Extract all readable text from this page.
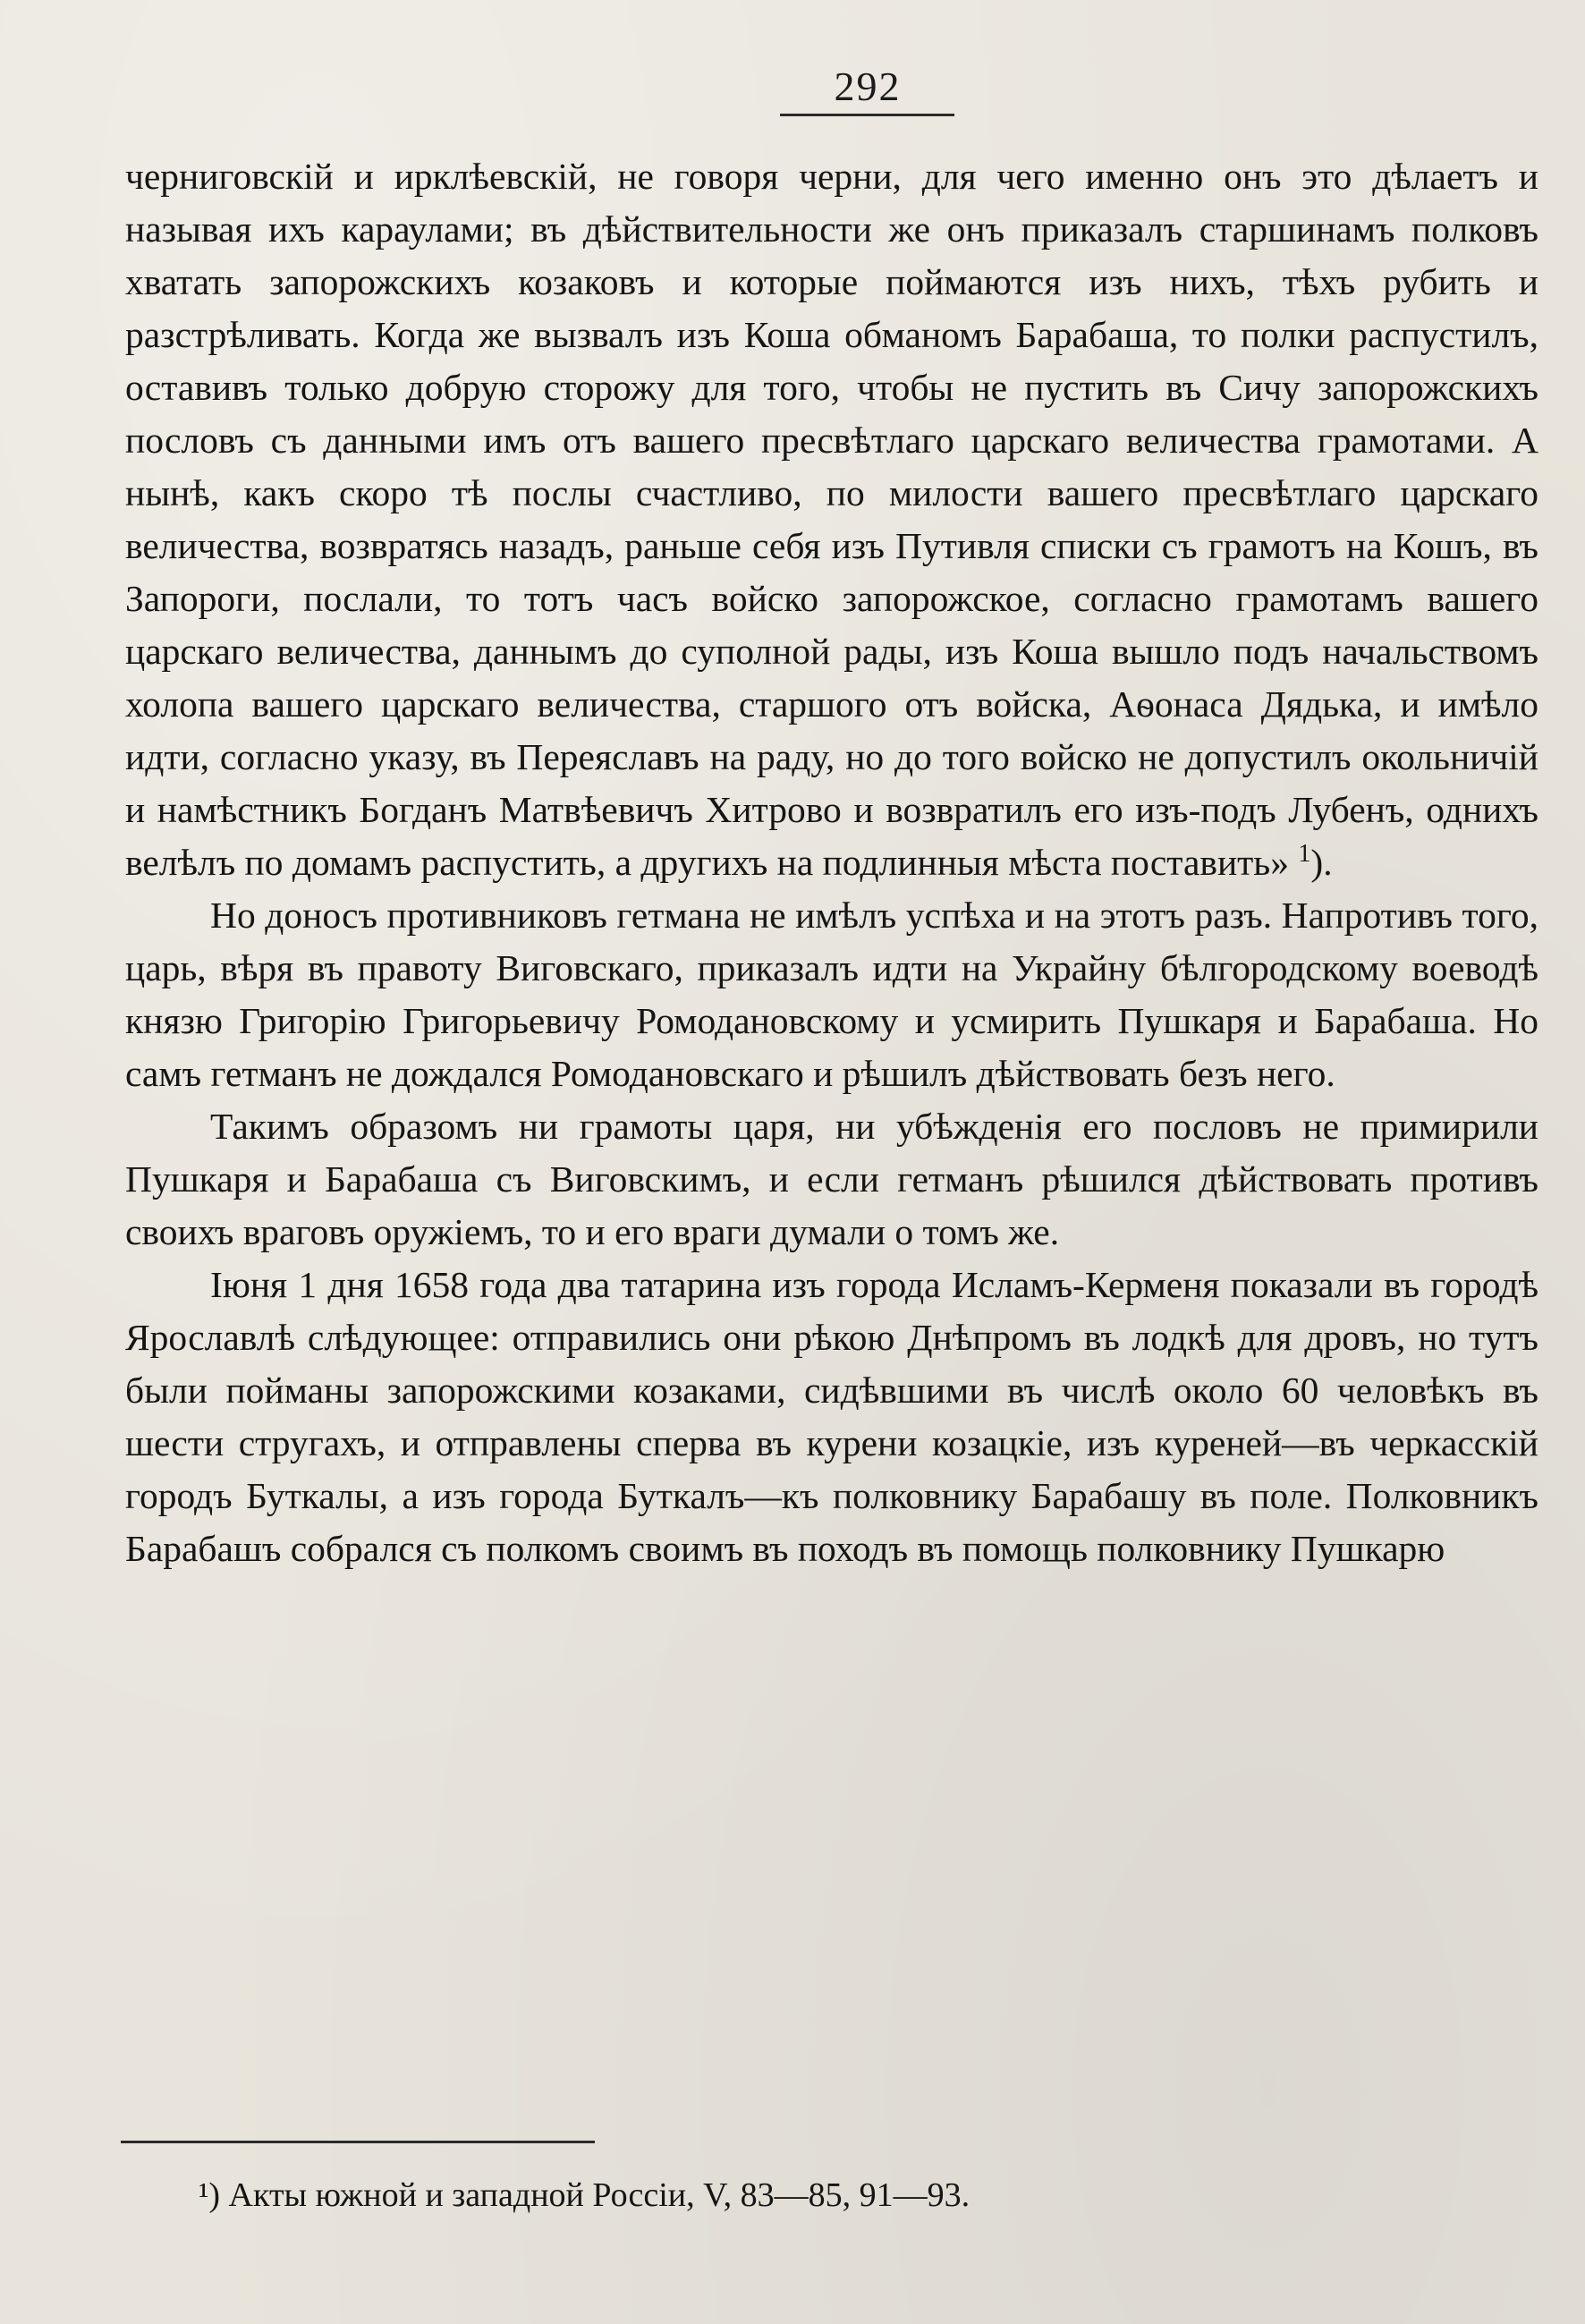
292

черниговскій и ирклѣевскій, не говоря черни, для чего именно онъ это дѣлаетъ и называя ихъ караулами; въ дѣйствительности же онъ приказалъ старшинамъ полковъ хватать запорожскихъ козаковъ и которые поймаются изъ нихъ, тѣхъ рубить и разстрѣливать. Когда же вызвалъ изъ Коша обманомъ Барабаша, то полки распустилъ, оставивъ только добрую сторожу для того, чтобы не пустить въ Сичу запорожскихъ пословъ съ данными имъ отъ вашего пресвѣтлаго царскаго величества грамотами. А нынѣ, какъ скоро тѣ послы счастливо, по милости вашего пресвѣтлаго царскаго величества, возвратясь назадъ, раньше себя изъ Путивля списки съ грамотъ на Кошъ, въ Запороги, послали, то тотъ часъ войско запорожское, согласно грамотамъ вашего царскаго величества, даннымъ до суполной рады, изъ Коша вышло подъ начальствомъ холопа вашего царскаго величества, старшого отъ войска, Аѳонаса Дядька, и имѣло идти, согласно указу, въ Переяславъ на раду, но до того войско не допустилъ окольничій и намѣстникъ Богданъ Матвѣевичъ Хитрово и возвратилъ его изъ-подъ Лубенъ, однихъ велѣлъ по домамъ распустить, а другихъ на подлинныя мѣста поставить» $^1$).

Но доносъ противниковъ гетмана не имѣлъ успѣха и на этотъ разъ. Напротивъ того, царь, вѣря въ правоту Виговскаго, приказалъ идти на Украйну бѣлгородскому воеводѣ князю Григорію Григорьевичу Ромодановскому и усмирить Пушкаря и Барабаша. Но самъ гетманъ не дождался Ромодановскаго и рѣшилъ дѣйствовать безъ него.

Такимъ образомъ ни грамоты царя, ни убѣжденія его пословъ не примирили Пушкаря и Барабаша съ Виговскимъ, и если гетманъ рѣшился дѣйствовать противъ своихъ враговъ оружіемъ, то и его враги думали о томъ же.

Іюня 1 дня 1658 года два татарина изъ города Исламъ-Керменя показали въ городѣ Ярославлѣ слѣдующее: отправились они рѣкою Днѣпромъ въ лодкѣ для дровъ, но тутъ были пойманы запорожскими козаками, сидѣвшими въ числѣ около 60 человѣкъ въ шести стругахъ, и отправлены сперва въ курени козацкіе, изъ куреней—въ черкасскій городъ Буткалы, а изъ города Буткалъ—къ полковнику Барабашу въ поле. Полковникъ Барабашъ собрался съ полкомъ своимъ въ походъ въ помощь полковнику Пушкарю

¹) Акты южной и западной Россіи, V, 83—85, 91—93.
